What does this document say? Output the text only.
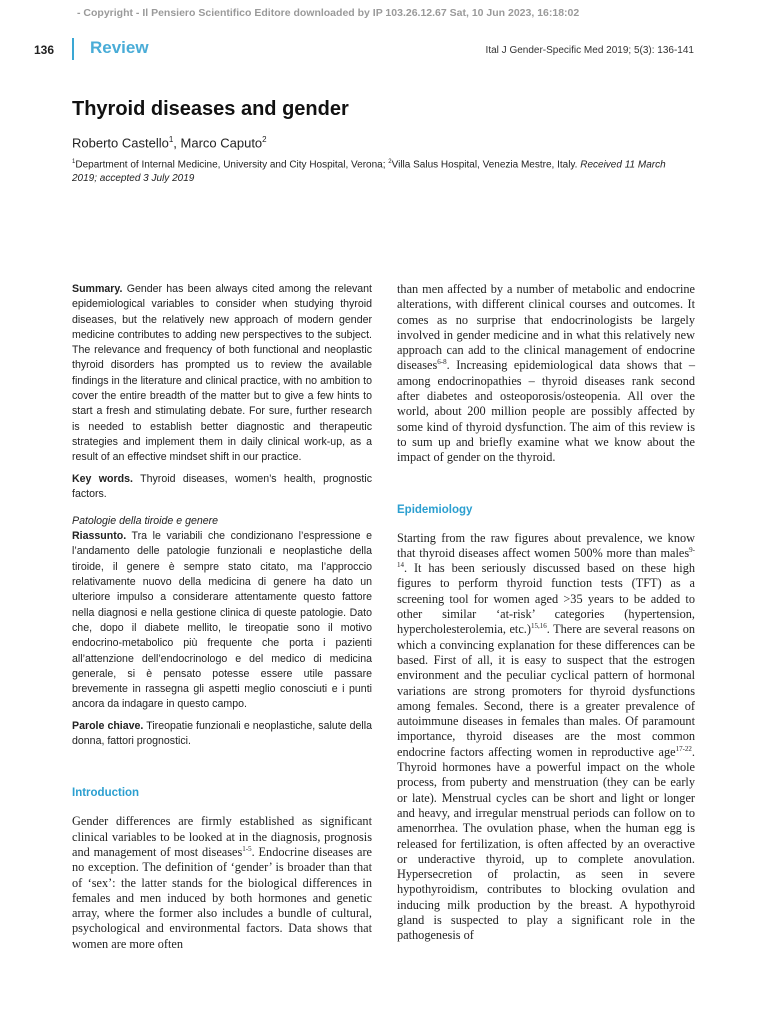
- Copyright - Il Pensiero Scientifico Editore downloaded by IP 103.26.12.67 Sat, 10 Jun 2023, 16:18:02
136 Review	Ital J Gender-Specific Med 2019; 5(3): 136-141
Thyroid diseases and gender
Roberto Castello$^1$, Marco Caputo$^2$
$^1$Department of Internal Medicine, University and City Hospital, Verona; $^2$Villa Salus Hospital, Venezia Mestre, Italy. Received 11 March 2019; accepted 3 July 2019

Summary. Gender has been always cited among the relevant epidemiological variables to consider when studying thyroid diseases, but the relatively new approach of modern gender medicine contributes to adding new perspectives to the subject. The relevance and frequency of both functional and neoplastic thyroid disorders has prompted us to review the available findings in the literature and clinical practice, with no ambition to cover the entire breadth of the matter but to give a few hints to start a fresh and stimulating debate. For sure, further research is needed to establish better diagnostic and therapeutic strategies and implement them in daily clinical work-up, as a result of an effective mindset shift in our practice.

Key words. Thyroid diseases, women’s health, prognostic factors.

Patologie della tiroide e genere

Riassunto. Tra le variabili che condizionano l’espressione e l’andamento delle patologie funzionali e neoplastiche della tiroide, il genere è sempre stato citato, ma l’approccio relativamente nuovo della medicina di genere ha dato un ulteriore impulso a considerare attentamente questo fattore nella diagnosi e nella gestione clinica di queste patologie. Dato che, dopo il diabete mellito, le tireopatie sono il motivo endocrino-metabolico più frequente che porta i pazienti all’attenzione dell’endocrinologo e del medico di medicina generale, si è pensato potesse essere utile passare brevemente in rassegna gli aspetti meglio conosciuti e i punti ancora da indagare in questo campo.

Parole chiave. Tireopatie funzionali e neoplastiche, salute della donna, fattori prognostici.

Introduction

Gender differences are firmly established as significant clinical variables to be looked at in the diagnosis, prognosis and management of most diseases$^{1-5}$. Endocrine diseases are no exception. The definition of ‘gender’ is broader than that of ‘sex’: the latter stands for the biological differences in females and men induced by both hormones and genetic array, where the former also includes a bundle of cultural, psychological and environmental factors. Data shows that women are more often

than men affected by a number of metabolic and endocrine alterations, with different clinical courses and outcomes. It comes as no surprise that endocrinologists be largely involved in gender medicine and in what this relatively new approach can add to the clinical management of endocrine diseases$^{6-8}$. Increasing epidemiological data shows that – among endocrinopathies – thyroid diseases rank second after diabetes and osteoporosis/osteopenia. All over the world, about 200 million people are possibly affected by some kind of thyroid dysfunction. The aim of this review is to sum up and briefly examine what we know about the impact of gender on the thyroid.

Epidemiology

Starting from the raw figures about prevalence, we know that thyroid diseases affect women 500% more than males$^{9-14}$. It has been seriously discussed based on these high figures to perform thyroid function tests (TFT) as a screening tool for women aged >35 years to be added to other similar ‘at-risk’ categories (hypertension, hypercholesterolemia, etc.)$^{15,16}$. There are several reasons on which a convincing explanation for these differences can be based. First of all, it is easy to suspect that the estrogen environment and the peculiar cyclical pattern of hormonal variations are strong promoters for thyroid dysfunctions among females. Second, there is a greater prevalence of autoimmune diseases in females than males. Of paramount importance, thyroid diseases are the most common endocrine factors affecting women in reproductive age$^{17-22}$. Thyroid hormones have a powerful impact on the whole process, from puberty and menstruation (they can be early or late). Menstrual cycles can be short and light or longer and heavy, and irregular menstrual periods can follow on to amenorrhea. The ovulation phase, when the human egg is released for fertilization, is often affected by an overactive or underactive thyroid, up to complete anovulation. Hypersecretion of prolactin, as seen in severe hypothyroidism, contributes to blocking ovulation and inducing milk production by the breast. A hypothyroid gland is suspected to play a significant role in the pathogenesis of
